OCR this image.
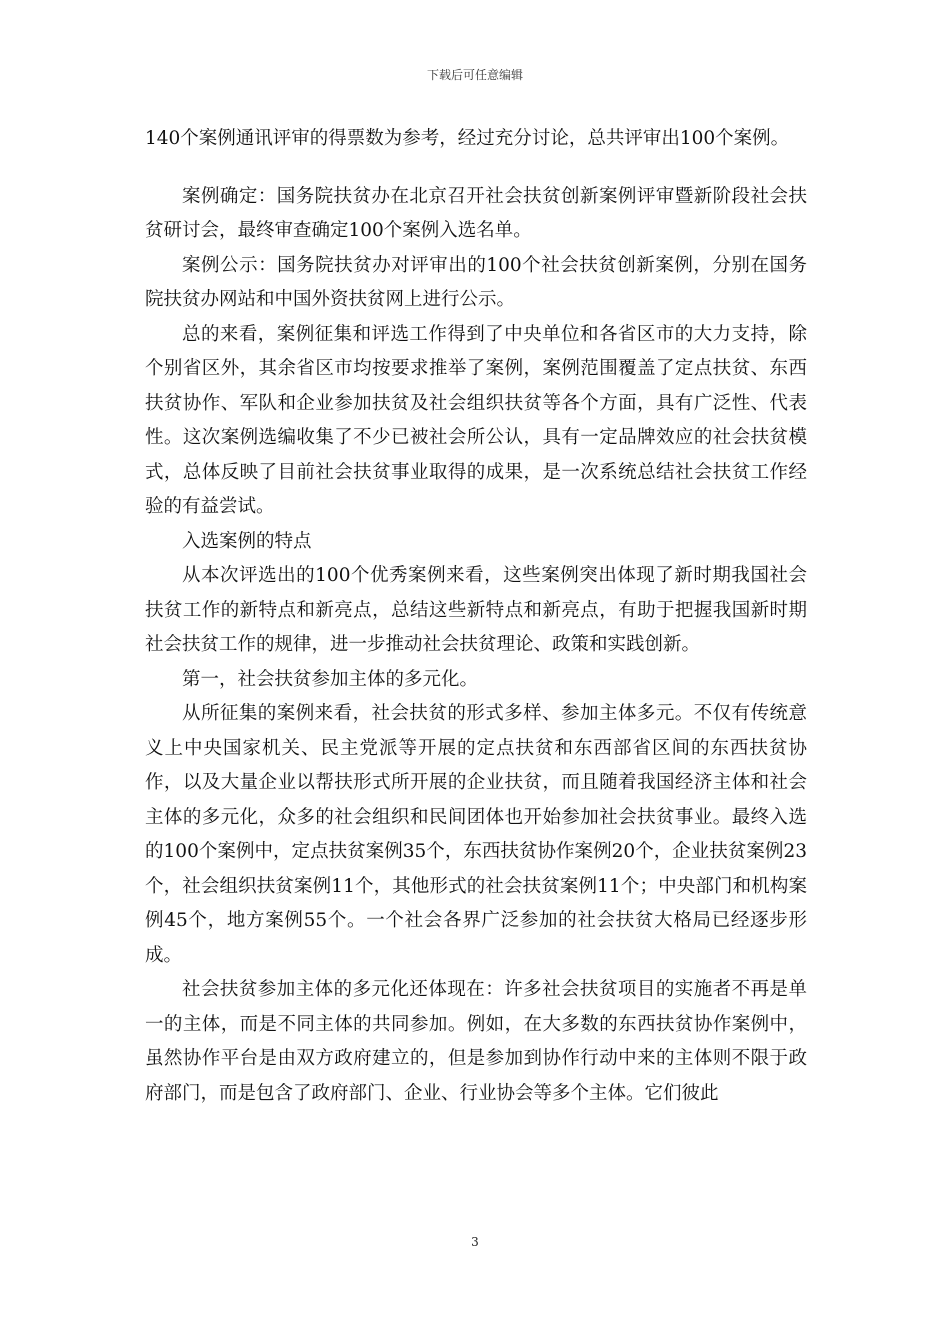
下载后可任意编辑

140个案例通讯评审的得票数为参考，经过充分讨论，总共评审出100个案例。

案例确定：国务院扶贫办在北京召开社会扶贫创新案例评审暨新阶段社会扶贫研讨会，最终审查确定100个案例入选名单。

案例公示：国务院扶贫办对评审出的100个社会扶贫创新案例，分别在国务院扶贫办网站和中国外资扶贫网上进行公示。

总的来看，案例征集和评选工作得到了中央单位和各省区市的大力支持，除个别省区外，其余省区市均按要求推举了案例，案例范围覆盖了定点扶贫、东西扶贫协作、军队和企业参加扶贫及社会组织扶贫等各个方面，具有广泛性、代表性。这次案例选编收集了不少已被社会所公认，具有一定品牌效应的社会扶贫模式，总体反映了目前社会扶贫事业取得的成果，是一次系统总结社会扶贫工作经验的有益尝试。

入选案例的特点

从本次评选出的100个优秀案例来看，这些案例突出体现了新时期我国社会扶贫工作的新特点和新亮点，总结这些新特点和新亮点，有助于把握我国新时期社会扶贫工作的规律，进一步推动社会扶贫理论、政策和实践创新。

第一，社会扶贫参加主体的多元化。

从所征集的案例来看，社会扶贫的形式多样、参加主体多元。不仅有传统意义上中央国家机关、民主党派等开展的定点扶贫和东西部省区间的东西扶贫协作，以及大量企业以帮扶形式所开展的企业扶贫，而且随着我国经济主体和社会主体的多元化，众多的社会组织和民间团体也开始参加社会扶贫事业。最终入选的100个案例中，定点扶贫案例35个，东西扶贫协作案例20个，企业扶贫案例23个，社会组织扶贫案例11个，其他形式的社会扶贫案例11个；中央部门和机构案例45个，地方案例55个。一个社会各界广泛参加的社会扶贫大格局已经逐步形成。

社会扶贫参加主体的多元化还体现在：许多社会扶贫项目的实施者不再是单一的主体，而是不同主体的共同参加。例如，在大多数的东西扶贫协作案例中，虽然协作平台是由双方政府建立的，但是参加到协作行动中来的主体则不限于政府部门，而是包含了政府部门、企业、行业协会等多个主体。它们彼此

3
